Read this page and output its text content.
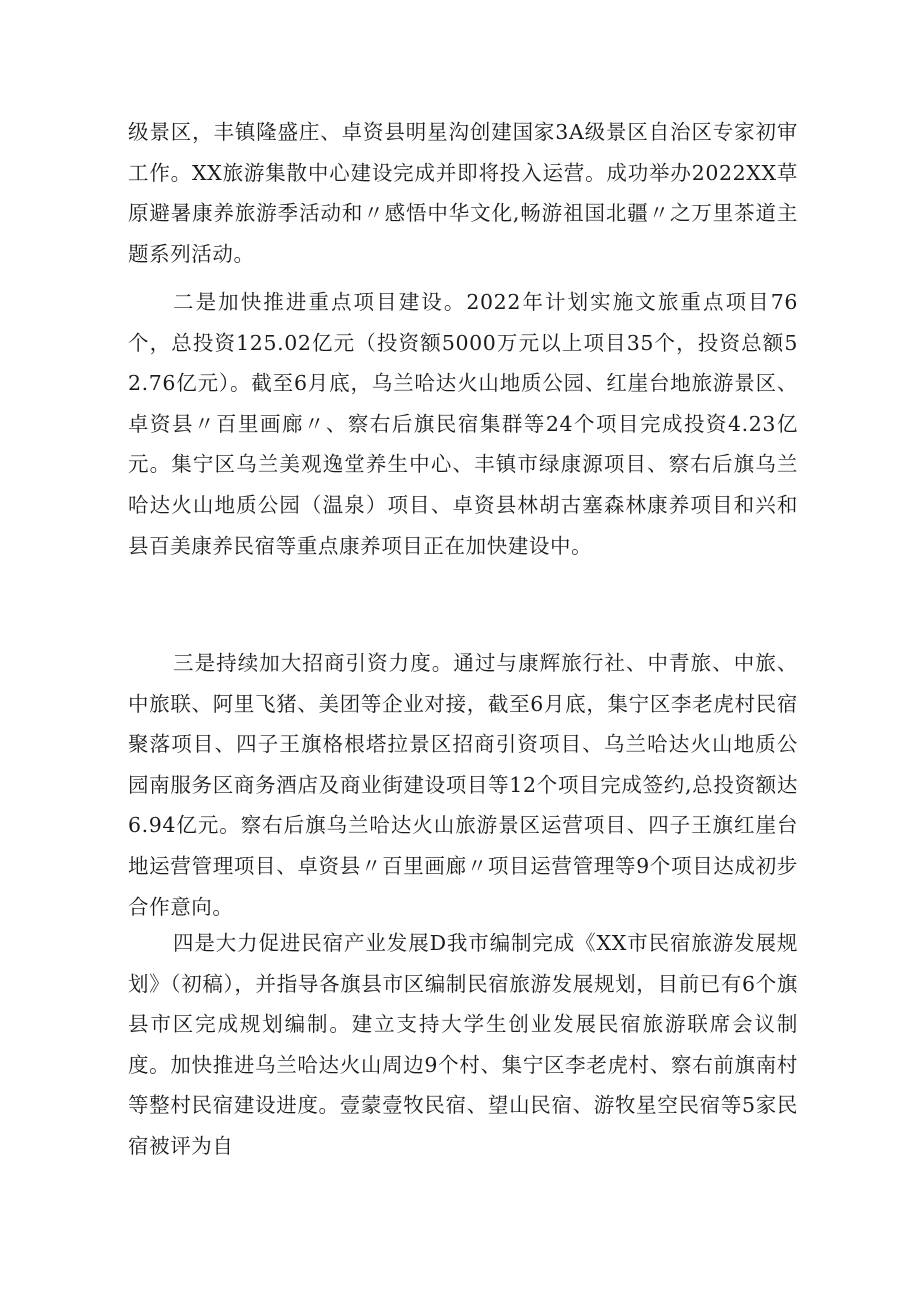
级景区，丰镇隆盛庄、卓资县明星沟创建国家3A级景区自治区专家初审工作。XX旅游集散中心建设完成并即将投入运营。成功举办2022XX草原避暑康养旅游季活动和〃感悟中华文化,畅游祖国北疆〃之万里茶道主题系列活动。

二是加快推进重点项目建设。2022年计划实施文旅重点项目76个，总投资125.02亿元（投资额5000万元以上项目35个，投资总额52.76亿元）。截至6月底，乌兰哈达火山地质公园、红崖台地旅游景区、卓资县〃百里画廊〃、察右后旗民宿集群等24个项目完成投资4.23亿元。集宁区乌兰美观逸堂养生中心、丰镇市绿康源项目、察右后旗乌兰哈达火山地质公园（温泉）项目、卓资县林胡古塞森林康养项目和兴和县百美康养民宿等重点康养项目正在加快建设中。

三是持续加大招商引资力度。通过与康辉旅行社、中青旅、中旅、中旅联、阿里飞猪、美团等企业对接，截至6月底，集宁区李老虎村民宿聚落项目、四子王旗格根塔拉景区招商引资项目、乌兰哈达火山地质公园南服务区商务酒店及商业街建设项目等12个项目完成签约,总投资额达6.94亿元。察右后旗乌兰哈达火山旅游景区运营项目、四子王旗红崖台地运营管理项目、卓资县〃百里画廊〃项目运营管理等9个项目达成初步合作意向。

四是大力促进民宿产业发展D我市编制完成《XX市民宿旅游发展规划》（初稿），并指导各旗县市区编制民宿旅游发展规划，目前已有6个旗县市区完成规划编制。建立支持大学生创业发展民宿旅游联席会议制度。加快推进乌兰哈达火山周边9个村、集宁区李老虎村、察右前旗南村等整村民宿建设进度。壹蒙壹牧民宿、望山民宿、游牧星空民宿等5家民宿被评为自
